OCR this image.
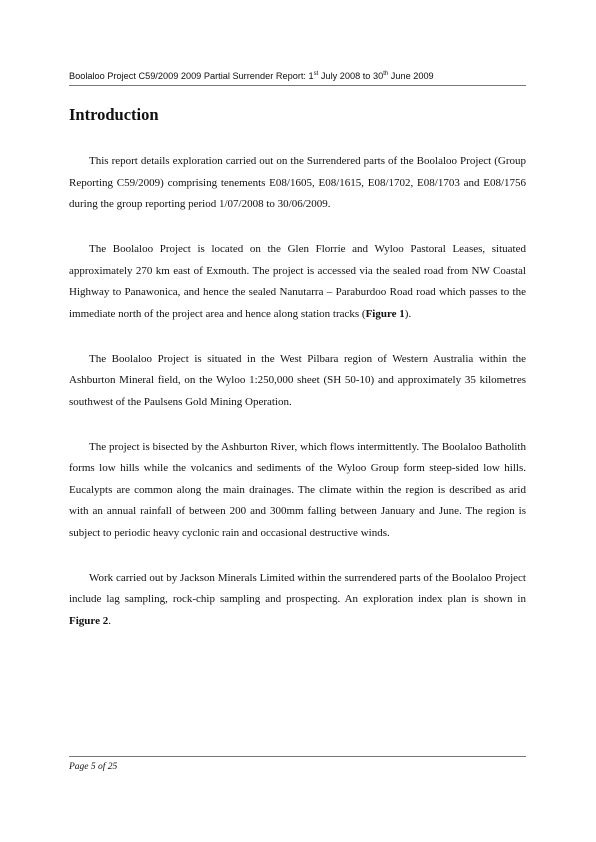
Boolaloo Project C59/2009 2009 Partial Surrender Report: 1st July 2008 to 30th June 2009
Introduction

This report details exploration carried out on the Surrendered parts of the Boolaloo Project (Group Reporting C59/2009) comprising tenements E08/1605, E08/1615, E08/1702, E08/1703 and E08/1756 during the group reporting period 1/07/2008 to 30/06/2009.

The Boolaloo Project is located on the Glen Florrie and Wyloo Pastoral Leases, situated approximately 270 km east of Exmouth. The project is accessed via the sealed road from NW Coastal Highway to Panawonica, and hence the sealed Nanutarra – Paraburdoo Road road which passes to the immediate north of the project area and hence along station tracks (Figure 1).

The Boolaloo Project is situated in the West Pilbara region of Western Australia within the Ashburton Mineral field, on the Wyloo 1:250,000 sheet (SH 50-10) and approximately 35 kilometres southwest of the Paulsens Gold Mining Operation.

The project is bisected by the Ashburton River, which flows intermittently. The Boolaloo Batholith forms low hills while the volcanics and sediments of the Wyloo Group form steep-sided low hills. Eucalypts are common along the main drainages. The climate within the region is described as arid with an annual rainfall of between 200 and 300mm falling between January and June. The region is subject to periodic heavy cyclonic rain and occasional destructive winds.

Work carried out by Jackson Minerals Limited within the surrendered parts of the Boolaloo Project include lag sampling, rock-chip sampling and prospecting. An exploration index plan is shown in Figure 2.

Page 5 of 25
